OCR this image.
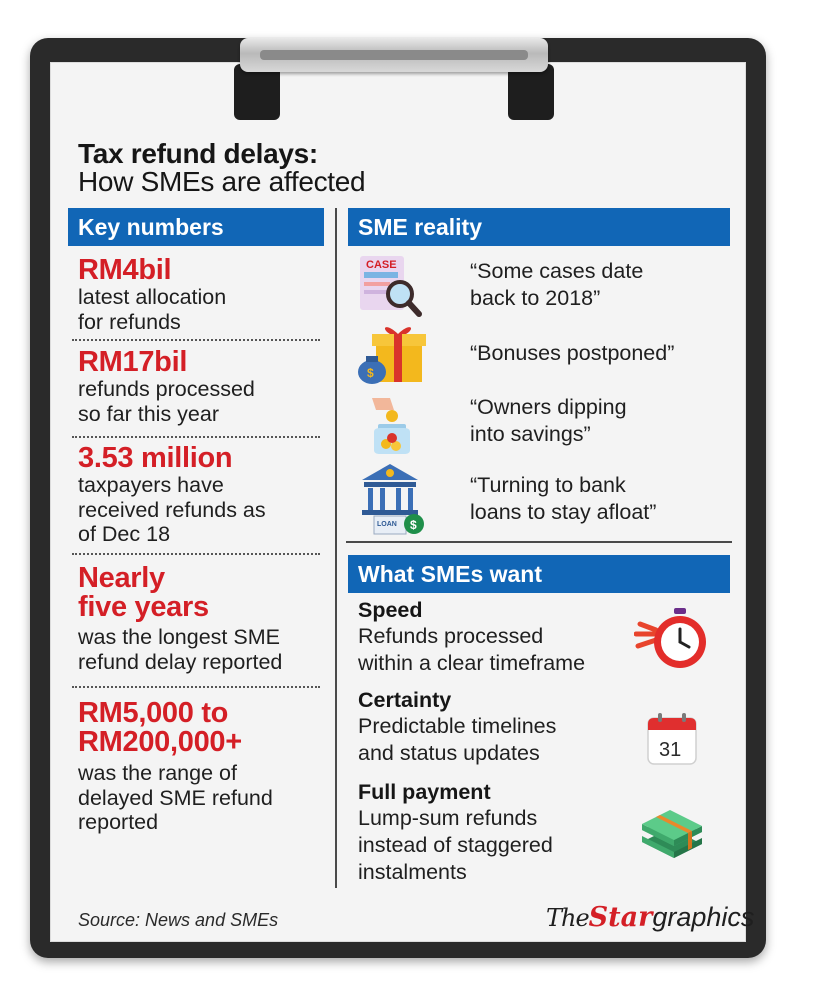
Tax refund delays:
How SMEs are affected
Key numbers	SME reality
What SMEs want
RM4bil
latest allocation
for refunds
RM17bil
refunds processed
so far this year
3.53 million
taxpayers have
received refunds as
of Dec 18
Nearly
five years
was the longest SME
refund delay reported
RM5,000 to
RM200,000+
was the range of
delayed SME refund
reported
CASE	“Some cases date
back to 2018”
$
“Bonuses postponed”
“Owners dipping
into savings”
LOAN $
“Turning to bank
loans to stay afloat”
Speed
Refunds processed
within a clear timeframe
Certainty
Predictable timelines
and status updates	31
Full payment
Lump-sum refunds
instead of staggered
instalments
Source: News and SMEs	TheStargraphics
